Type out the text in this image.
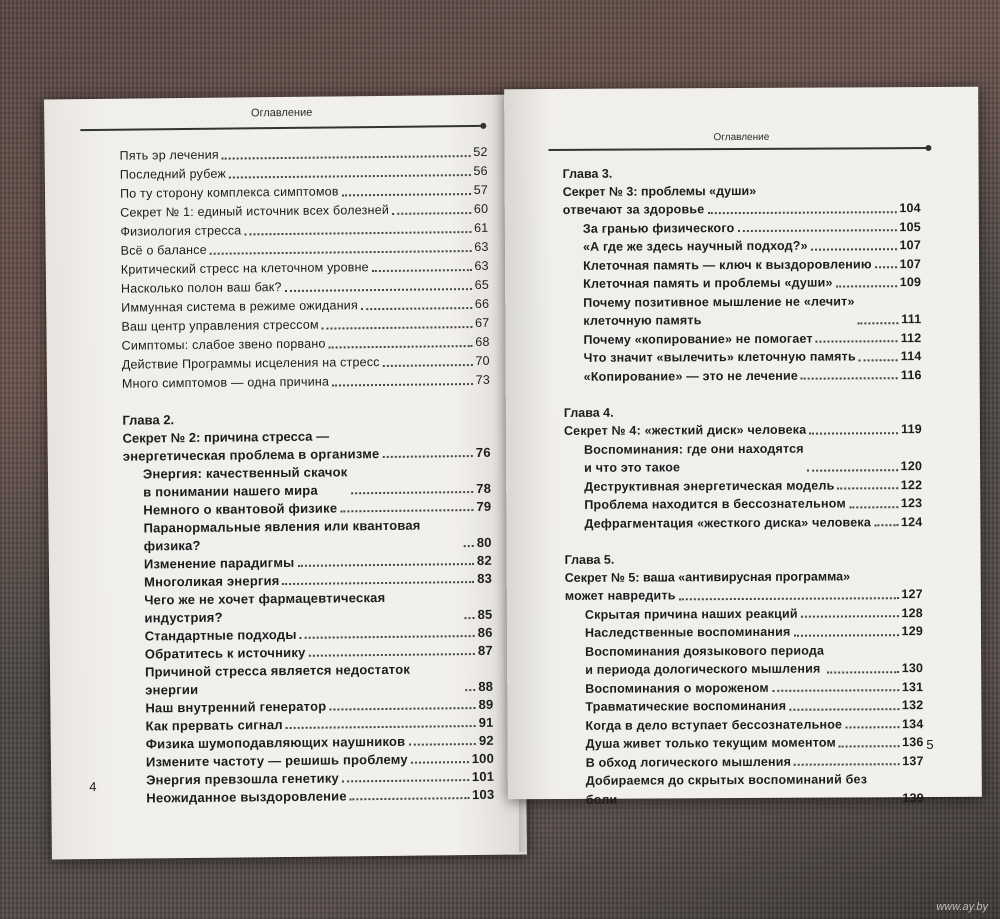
Оглавление
Пять эр лечения	52
Последний рубеж	56
По ту сторону комплекса симптомов	57
Секрет № 1: единый источник всех болезней	60
Физиология стресса	61
Всё о балансе	63
Критический стресс на клеточном уровне	63
Насколько полон ваш бак?	65
Иммунная система в режиме ожидания	66
Ваш центр управления стрессом	67
Симптомы: слабое звено порвано	68
Действие Программы исцеления на стресс	70
Много симптомов — одна причина	73
Глава 2.
Секрет № 2: причина стресса —
энергетическая проблема в организме	76
Энергия: качественный скачок
в понимании нашего мира	78
Немного о квантовой физике	79
Паранормальные явления или квантовая физика?	80
Изменение парадигмы	82
Многоликая энергия	83
Чего же не хочет фармацевтическая индустрия?	85
Стандартные подходы	86
Обратитесь к источнику	87
Причиной стресса является недостаток энергии	88
Наш внутренний генератор	89
Как прервать сигнал	91
Физика шумоподавляющих наушников	92
Измените частоту — решишь проблему	100
Энергия превзошла генетику	101
Неожиданное выздоровление	103
4
Оглавление
Глава 3.
Секрет № 3: проблемы «души»
отвечают за здоровье	104
За гранью физического	105
«А где же здесь научный подход?»	107
Клеточная память — ключ к выздоровлению 107
Клеточная память и проблемы «души»	109
Почему позитивное мышление не «лечит»
клеточную память	111
Почему «копирование» не помогает	112
Что значит «вылечить» клеточную память	114
«Копирование» — это не лечение	116
Глава 4.
Секрет № 4: «жесткий диск» человека	119
Воспоминания: где они находятся
и что это такое	120
Деструктивная энергетическая модель	122
Проблема находится в бессознательном	123
Дефрагментация «жесткого диска» человека 124
Глава 5.
Секрет № 5: ваша «антивирусная программа»
может навредить	127
Скрытая причина наших реакций	128
Наследственные воспоминания	129
Воспоминания доязыкового периода
и периода дологического мышления	130
Воспоминания о мороженом	131
Травматические воспоминания	132
Когда в дело вступает бессознательное	134
Душа живет только текущим моментом	136
В обход логического мышления	137
Добираемся до скрытых воспоминаний без боли	139
5
www.ay.by
